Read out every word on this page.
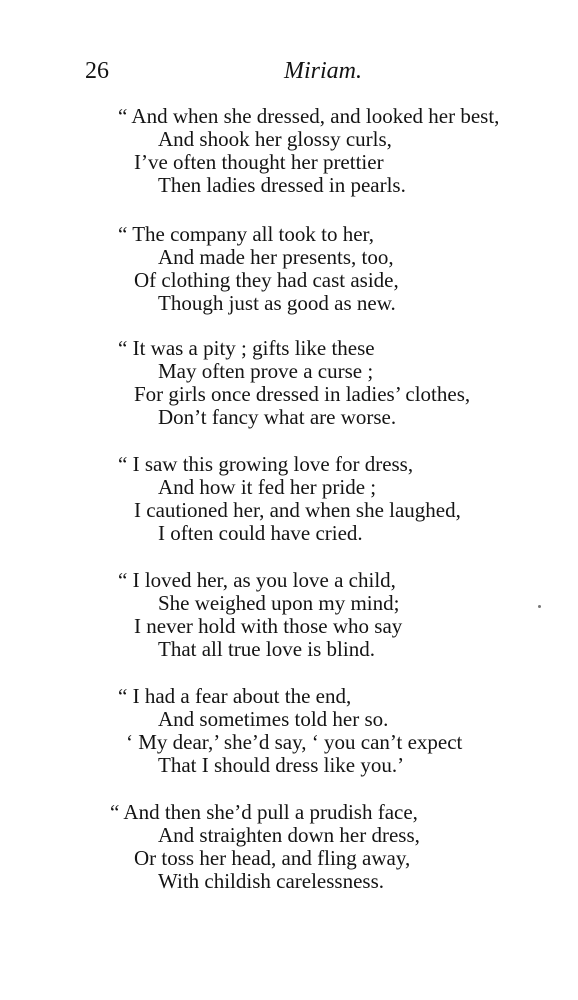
26	Miriam.
“ And when she dressed, and looked her best,
And shook her glossy curls,
I’ve often thought her prettier
Then ladies dressed in pearls.
“ The company all took to her,
And made her presents, too,
Of clothing they had cast aside,
Though just as good as new.
“ It was a pity ; gifts like these
May often prove a curse ;
For girls once dressed in ladies’ clothes,
Don’t fancy what are worse.
“ I saw this growing love for dress,
And how it fed her pride ;
I cautioned her, and when she laughed,
I often could have cried.
“ I loved her, as you love a child,
She weighed upon my mind;
I never hold with those who say
That all true love is blind.
“ I had a fear about the end,
And sometimes told her so.
‘ My dear,’ she’d say, ‘ you can’t expect
That I should dress like you.’
“ And then she’d pull a prudish face,
And straighten down her dress,
Or toss her head, and fling away,
With childish carelessness.
